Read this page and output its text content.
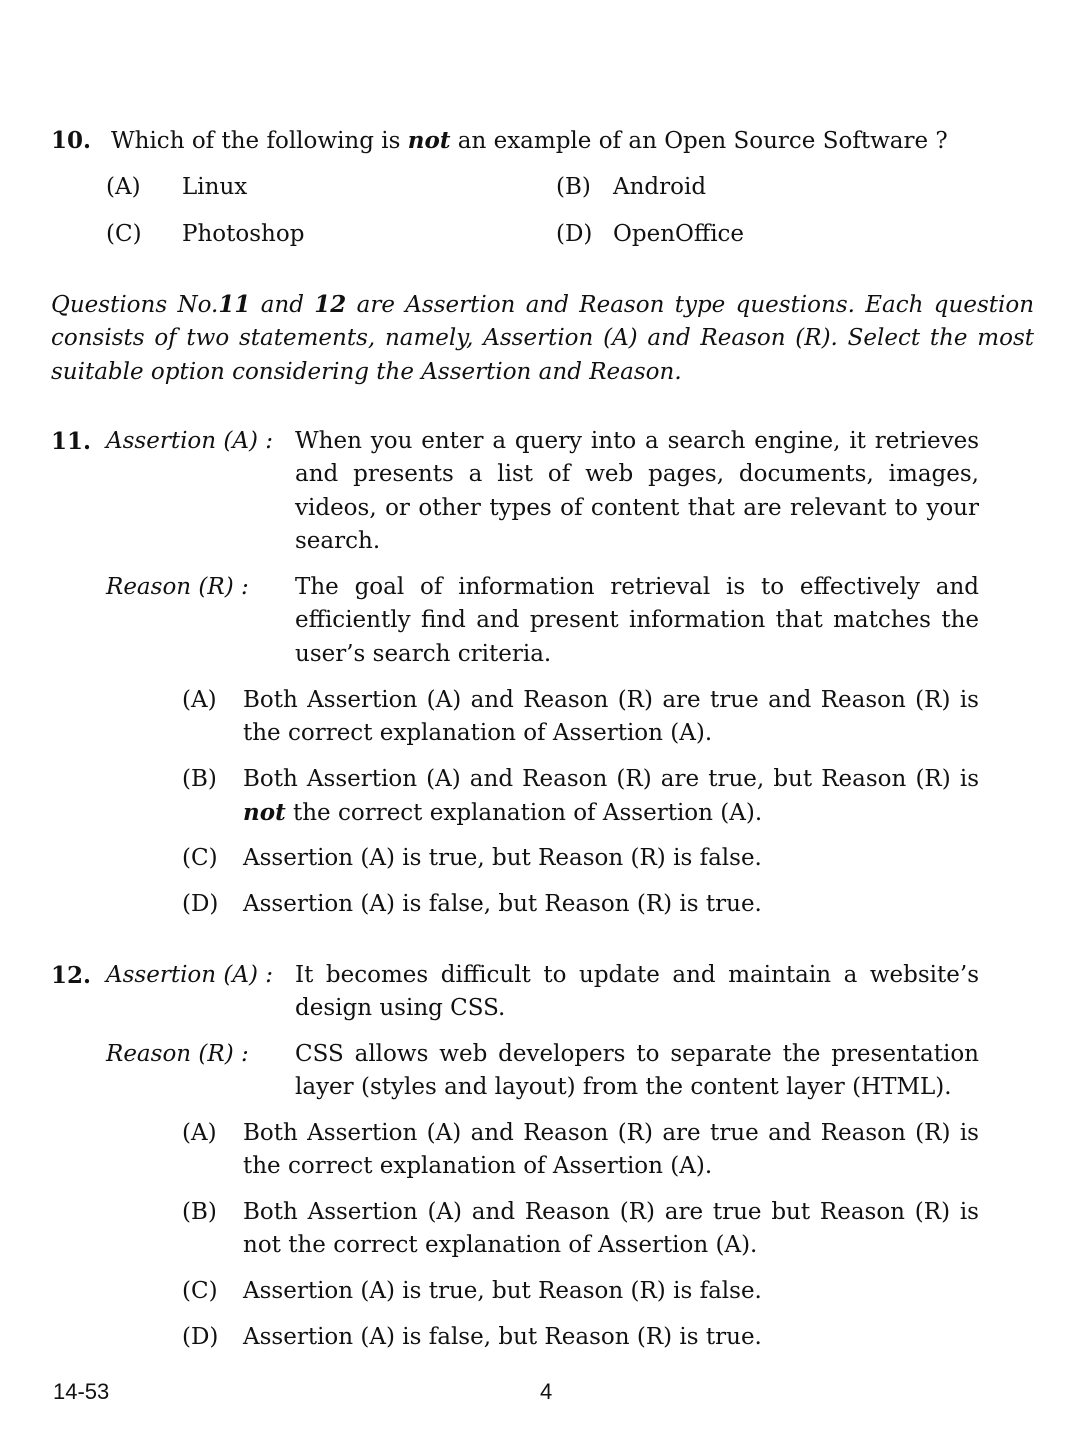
10. Which of the following is not an example of an Open Source Software ?
(A) Linux	(B) Android
(C) Photoshop	(D) OpenOffice
Questions No.11 and 12 are Assertion and Reason type questions. Each question consists of two statements, namely, Assertion (A) and Reason (R). Select the most suitable option considering the Assertion and Reason.
11. Assertion (A) : When you enter a query into a search engine, it retrieves and presents a list of web pages, documents, images, videos, or other types of content that are relevant to your search.
Reason (R) : The goal of information retrieval is to effectively and efficiently find and present information that matches the user’s search criteria.
(A) Both Assertion (A) and Reason (R) are true and Reason (R) is the correct explanation of Assertion (A).
(B) Both Assertion (A) and Reason (R) are true, but Reason (R) is not the correct explanation of Assertion (A).
(C) Assertion (A) is true, but Reason (R) is false.
(D) Assertion (A) is false, but Reason (R) is true.
12. Assertion (A) : It becomes difficult to update and maintain a website’s design using CSS.
Reason (R) : CSS allows web developers to separate the presentation layer (styles and layout) from the content layer (HTML).
(A) Both Assertion (A) and Reason (R) are true and Reason (R) is the correct explanation of Assertion (A).
(B) Both Assertion (A) and Reason (R) are true but Reason (R) is not the correct explanation of Assertion (A).
(C) Assertion (A) is true, but Reason (R) is false.
(D) Assertion (A) is false, but Reason (R) is true.
14-53	4
